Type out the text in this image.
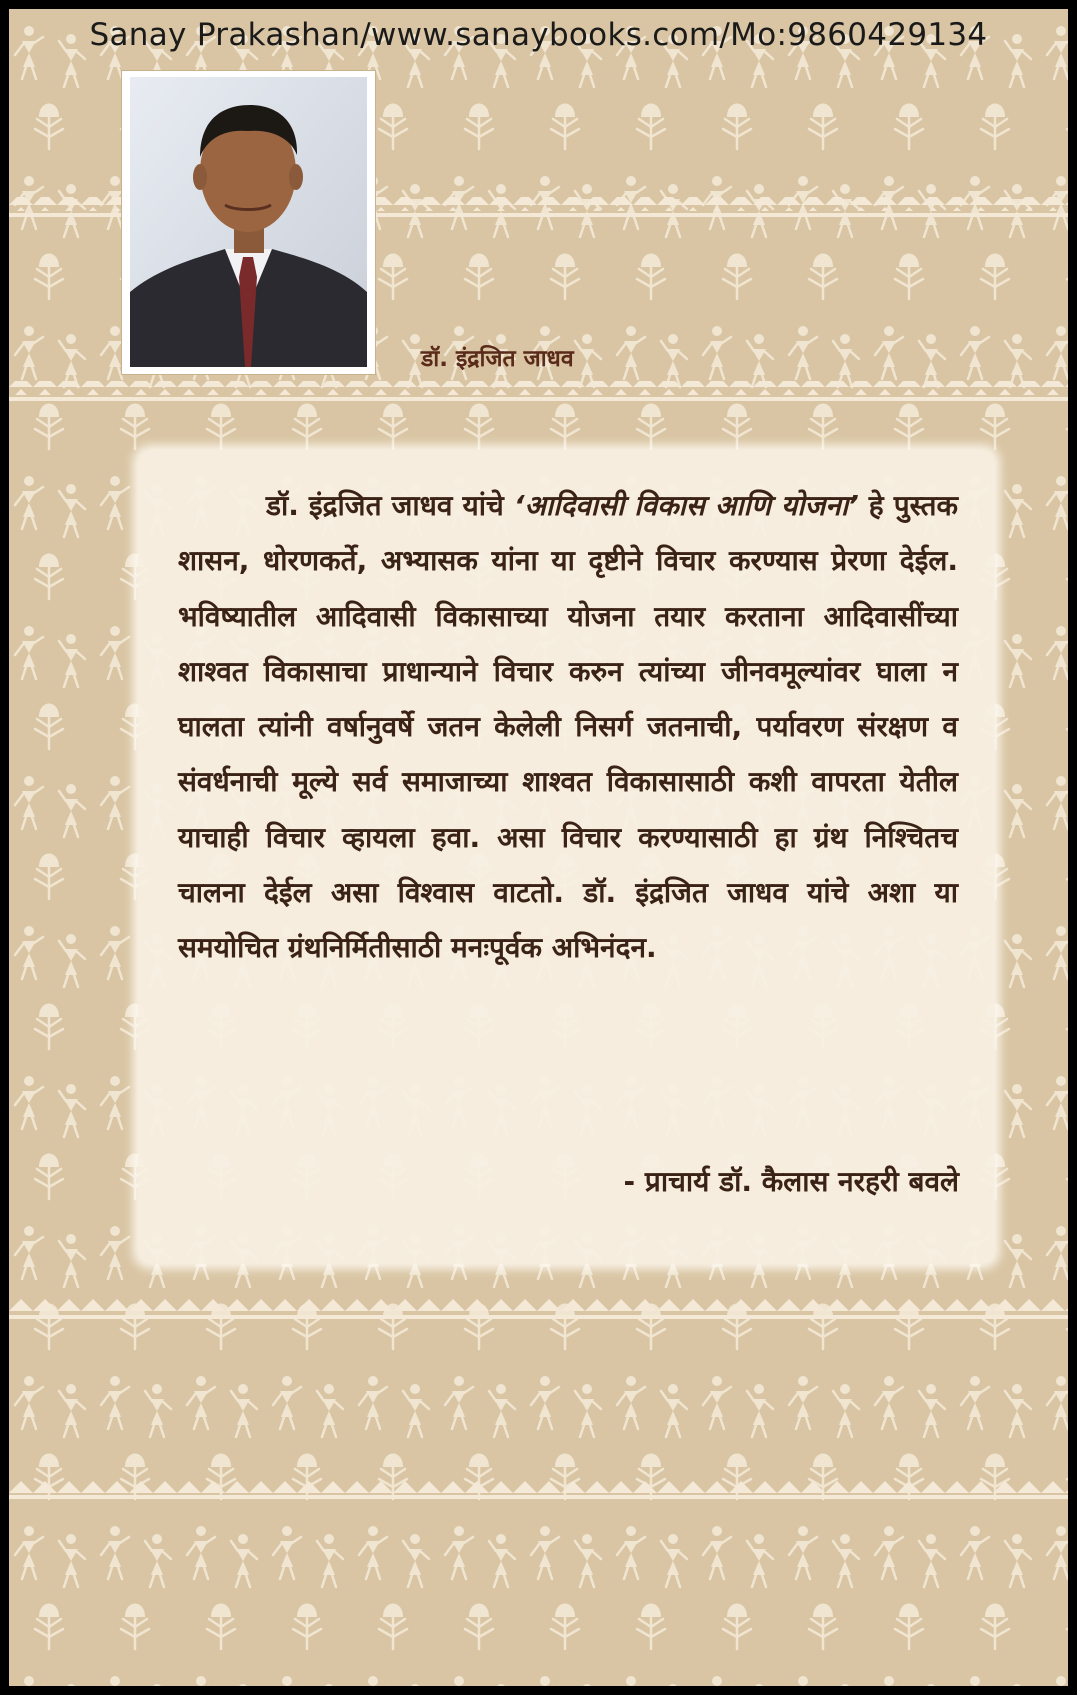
Sanay Prakashan/www.sanaybooks.com/Mo:9860429134
डॉ. इंद्रजित जाधव

डॉ. इंद्रजित जाधव यांचे ‘आदिवासी विकास आणि योजना’ हे पुस्तक शासन, धोरणकर्ते, अभ्यासक यांना या दृष्टीने विचार करण्यास प्रेरणा देईल. भविष्यातील आदिवासी विकासाच्या योजना तयार करताना आदिवासींच्या शाश्वत विकासाचा प्राधान्याने विचार करुन त्यांच्या जीनवमूल्यांवर घाला न घालता त्यांनी वर्षानुवर्षे जतन केलेली निसर्ग जतनाची, पर्यावरण संरक्षण व संवर्धनाची मूल्ये सर्व समाजाच्या शाश्वत विकासासाठी कशी वापरता येतील याचाही विचार व्हायला हवा. असा विचार करण्यासाठी हा ग्रंथ निश्चितच चालना देईल असा विश्वास वाटतो. डॉ. इंद्रजित जाधव यांचे अशा या समयोचित ग्रंथनिर्मितीसाठी मनःपूर्वक अभिनंदन.

- प्राचार्य डॉ. कैलास नरहरी बवले
